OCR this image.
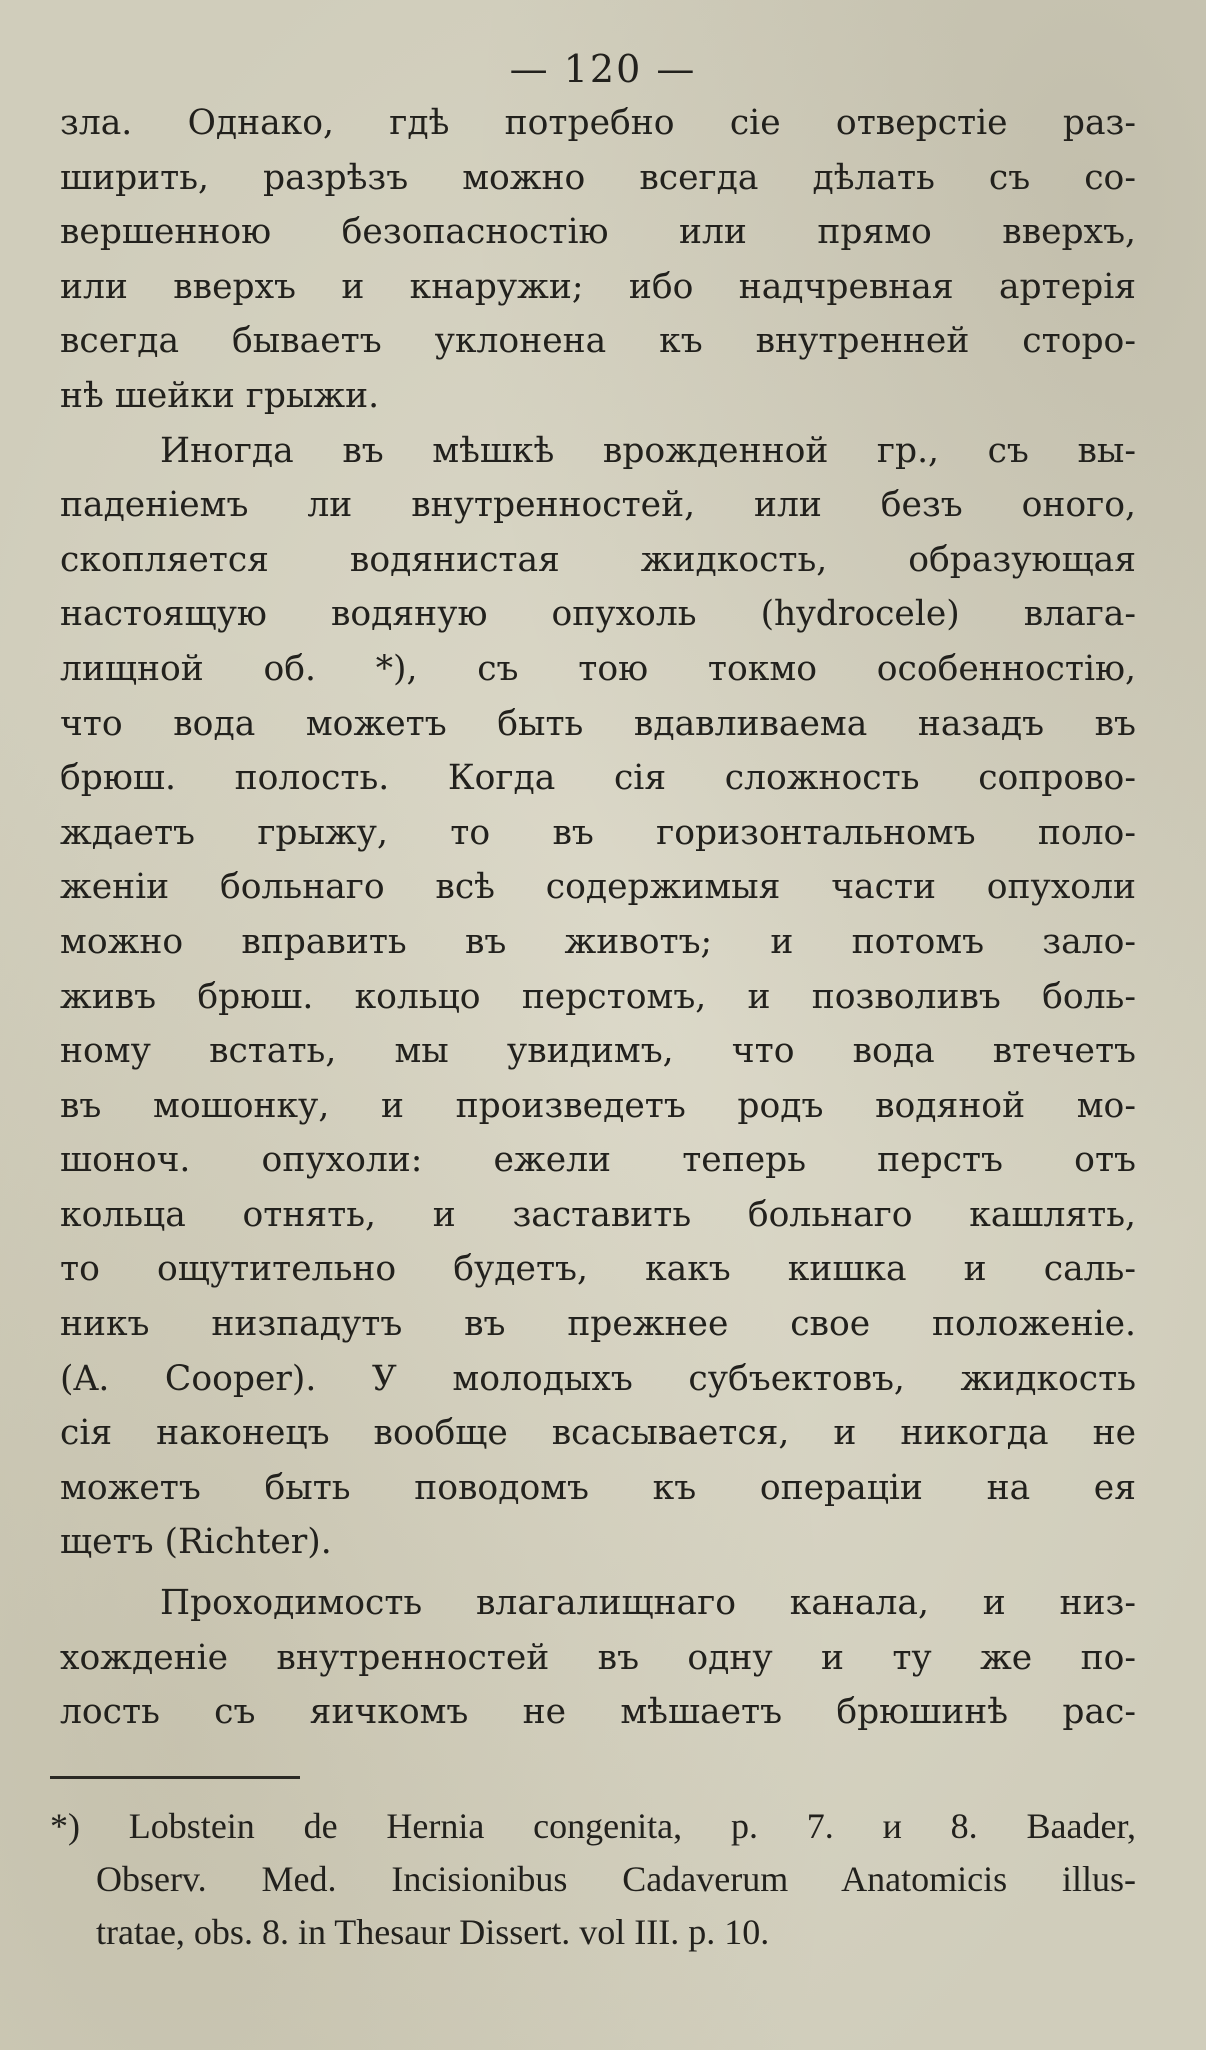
— 120 —
зла. Однако, гдѣ потребно сіе отверстіе раз-
ширить, разрѣзъ можно всегда дѣлать съ со-
вершенною безопасностію или прямо вверхъ,
или вверхъ и кнаружи; ибо надчревная артерія
всегда бываетъ уклонена къ внутренней сторо-
нѣ шейки грыжи.
Иногда въ мѣшкѣ врожденной гр., съ вы-
паденіемъ ли внутренностей, или безъ оного,
скопляется водянистая жидкость, образующая
настоящую водяную опухоль (hydrocele) влага-
лищной об. *), съ тою токмо особенностію,
что вода можетъ быть вдавливаема назадъ въ
брюш. полость. Когда сія сложность сопрово-
ждаетъ грыжу, то въ горизонтальномъ поло-
женіи больнаго всѣ содержимыя части опухоли
можно вправить въ животъ; и потомъ зало-
живъ брюш. кольцо перстомъ, и позволивъ боль-
ному встать, мы увидимъ, что вода втечетъ
въ мошонку, и произведетъ родъ водяной мо-
шоноч. опухоли: ежели теперь перстъ отъ
кольца отнять, и заставить больнаго кашлять,
то ощутительно будетъ, какъ кишка и саль-
никъ низпадутъ въ прежнее свое положеніе.
(A. Cooper). У молодыхъ субъектовъ, жидкость
сія наконецъ вообще всасывается, и никогда не
можетъ быть поводомъ къ операціи на ея
щетъ (Richter).
Проходимость влагалищнаго канала, и низ-
хожденіе внутренностей въ одну и ту же по-
лость съ яичкомъ не мѣшаетъ брюшинѣ рас-
*) Lobstein de Hernia congenita, p. 7. и 8. Baader,
Observ. Med. Incisionibus Cadaverum Anatomicis illus-
tratae, obs. 8. in Thesaur Dissert. vol III. p. 10.
